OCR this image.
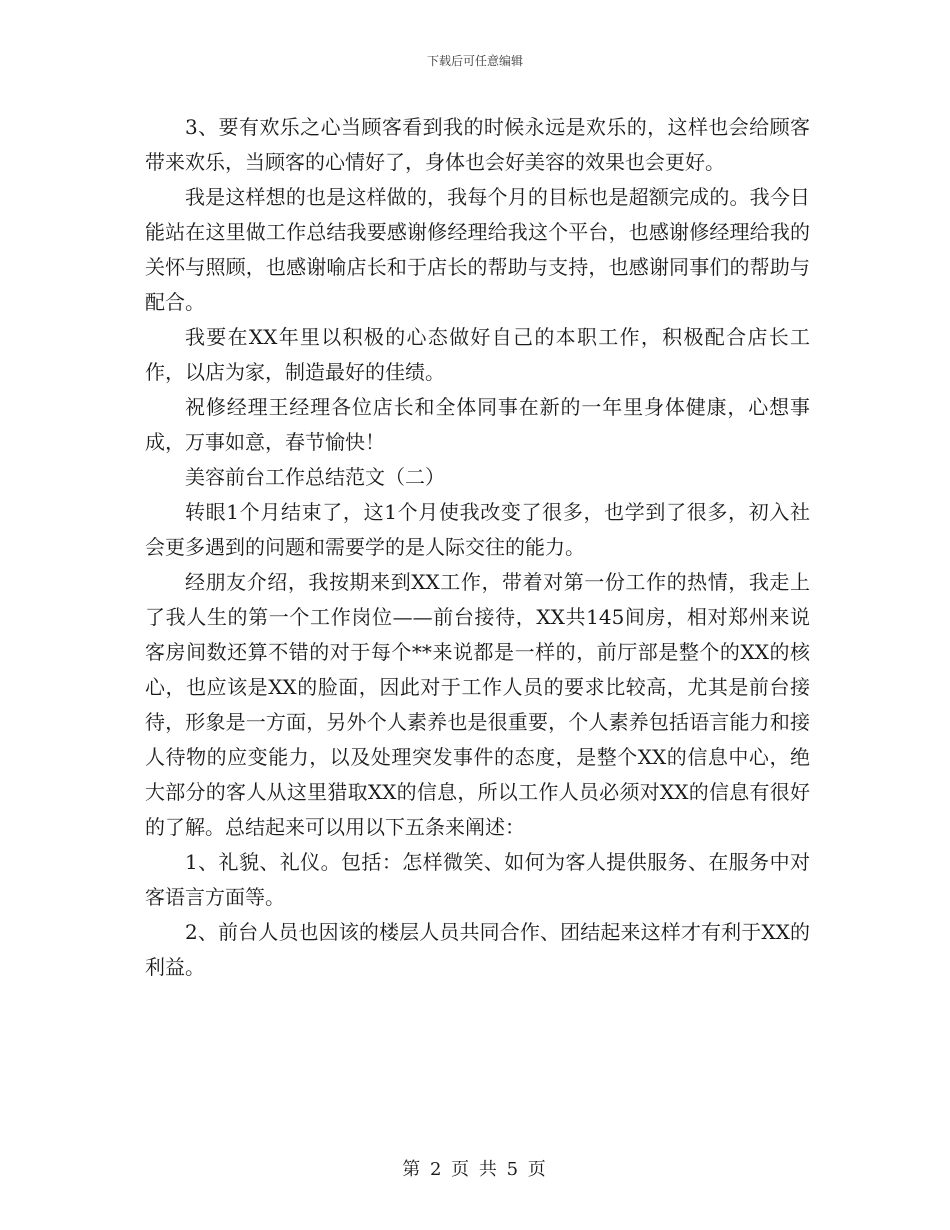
下载后可任意编辑

3、要有欢乐之心当顾客看到我的时候永远是欢乐的，这样也会给顾客带来欢乐，当顾客的心情好了，身体也会好美容的效果也会更好。

我是这样想的也是这样做的，我每个月的目标也是超额完成的。我今日能站在这里做工作总结我要感谢修经理给我这个平台，也感谢修经理给我的关怀与照顾，也感谢喻店长和于店长的帮助与支持，也感谢同事们的帮助与配合。

我要在XX年里以积极的心态做好自己的本职工作，积极配合店长工作，以店为家，制造最好的佳绩。

祝修经理王经理各位店长和全体同事在新的一年里身体健康，心想事成，万事如意，春节愉快！

美容前台工作总结范文（二）

转眼1个月结束了，这1个月使我改变了很多，也学到了很多，初入社会更多遇到的问题和需要学的是人际交往的能力。

经朋友介绍，我按期来到XX工作，带着对第一份工作的热情，我走上了我人生的第一个工作岗位——前台接待，XX共145间房，相对郑州来说客房间数还算不错的对于每个**来说都是一样的，前厅部是整个的XX的核心，也应该是XX的脸面，因此对于工作人员的要求比较高，尤其是前台接待，形象是一方面，另外个人素养也是很重要，个人素养包括语言能力和接人待物的应变能力，以及处理突发事件的态度，是整个XX的信息中心，绝大部分的客人从这里猎取XX的信息，所以工作人员必须对XX的信息有很好的了解。总结起来可以用以下五条来阐述：

1、礼貌、礼仪。包括：怎样微笑、如何为客人提供服务、在服务中对客语言方面等。

2、前台人员也因该的楼层人员共同合作、团结起来这样才有利于XX的利益。

第 2 页 共 5 页
